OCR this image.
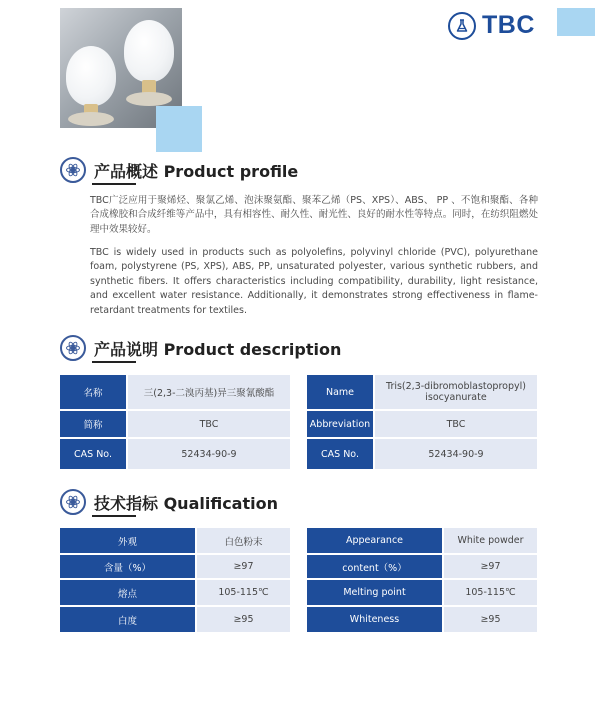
TBC
产品概述 Product profile
TBC广泛应用于聚烯烃、聚氯乙烯、泡沫聚氨酯、聚苯乙烯（PS、XPS）、ABS、 PP 、不饱和聚酯、各种合成橡胶和合成纤维等产品中，具有相容性、耐久性、耐光性、良好的耐水性等特点。同时，在纺织阻燃处理中效果较好。
TBC is widely used in products such as polyolefins, polyvinyl chloride (PVC), polyurethane foam, polystyrene (PS, XPS), ABS, PP, unsaturated polyester, various synthetic rubbers, and synthetic fibers. It offers characteristics including compatibility, durability, light resistance, and excellent water resistance. Additionally, it demonstrates strong effectiveness in flame-retardant treatments for textiles.
产品说明 Product description
名称	三(2,3-二溴丙基)异三聚氰酸酯
简称	TBC
CAS No.	52434-90-9
Name	Tris(2,3-dibromoblastopropyl) isocyanurate
Abbreviation	TBC
CAS No.	52434-90-9
技术指标 Qualification
外观	白色粉末
含量（%）	≥97
熔点	105-115℃
白度	≥95
Appearance	White powder
content（%）	≥97
Melting point	105-115℃
Whiteness	≥95
